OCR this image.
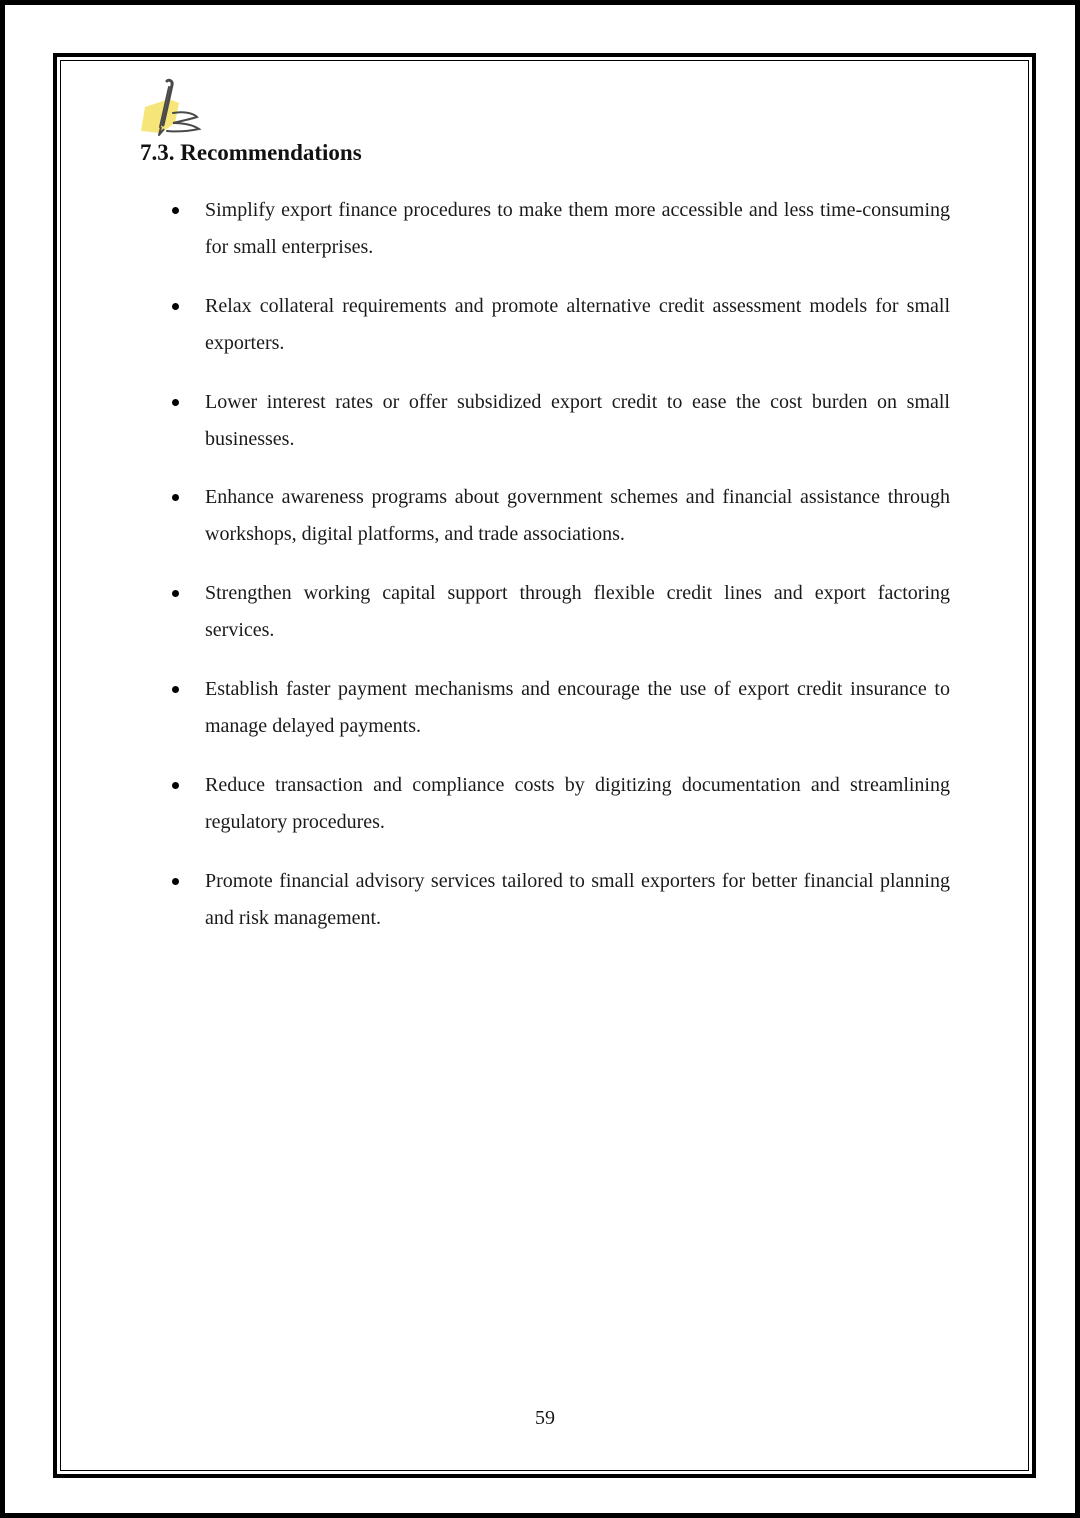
7.3. Recommendations
Simplify export finance procedures to make them more accessible and less time-consuming for small enterprises.
Relax collateral requirements and promote alternative credit assessment models for small exporters.
Lower interest rates or offer subsidized export credit to ease the cost burden on small businesses.
Enhance awareness programs about government schemes and financial assistance through workshops, digital platforms, and trade associations.
Strengthen working capital support through flexible credit lines and export factoring services.
Establish faster payment mechanisms and encourage the use of export credit insurance to manage delayed payments.
Reduce transaction and compliance costs by digitizing documentation and streamlining regulatory procedures.
Promote financial advisory services tailored to small exporters for better financial planning and risk management.
59
